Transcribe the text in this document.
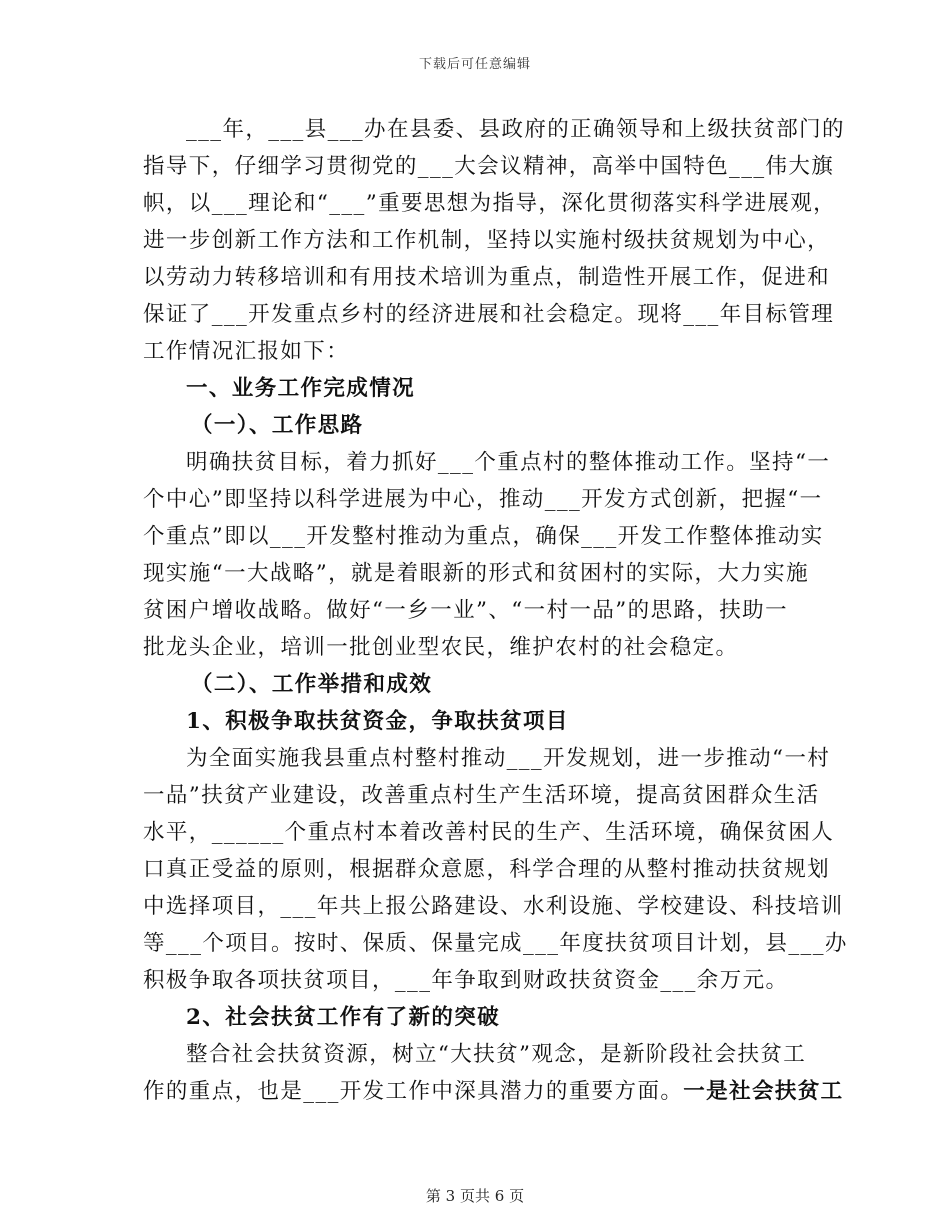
下载后可任意编辑
___年，___县___办在县委、县政府的正确领导和上级扶贫部门的
指导下，仔细学习贯彻党的___大会议精神，高举中国特色___伟大旗
帜，以___理论和“___”重要思想为指导，深化贯彻落实科学进展观，
进一步创新工作方法和工作机制，坚持以实施村级扶贫规划为中心，
以劳动力转移培训和有用技术培训为重点，制造性开展工作，促进和
保证了___开发重点乡村的经济进展和社会稳定。现将___年目标管理
工作情况汇报如下：
一、业务工作完成情况
（一）、工作思路
明确扶贫目标，着力抓好___个重点村的整体推动工作。坚持“一
个中心”即坚持以科学进展为中心，推动___开发方式创新，把握“一
个重点”即以___开发整村推动为重点，确保___开发工作整体推动实
现实施“一大战略”，就是着眼新的形式和贫困村的实际，大力实施
贫困户增收战略。做好“一乡一业”、“一村一品”的思路，扶助一
批龙头企业，培训一批创业型农民，维护农村的社会稳定。
（二）、工作举措和成效
1、积极争取扶贫资金，争取扶贫项目
为全面实施我县重点村整村推动___开发规划，进一步推动“一村
一品”扶贫产业建设，改善重点村生产生活环境，提高贫困群众生活
水平，______个重点村本着改善村民的生产、生活环境，确保贫困人
口真正受益的原则，根据群众意愿，科学合理的从整村推动扶贫规划
中选择项目，___年共上报公路建设、水利设施、学校建设、科技培训
等___个项目。按时、保质、保量完成___年度扶贫项目计划，县___办
积极争取各项扶贫项目，___年争取到财政扶贫资金___余万元。
2、社会扶贫工作有了新的突破
整合社会扶贫资源，树立“大扶贫”观念，是新阶段社会扶贫工
作的重点，也是___开发工作中深具潜力的重要方面。一是社会扶贫工
第 3 页共 6 页
